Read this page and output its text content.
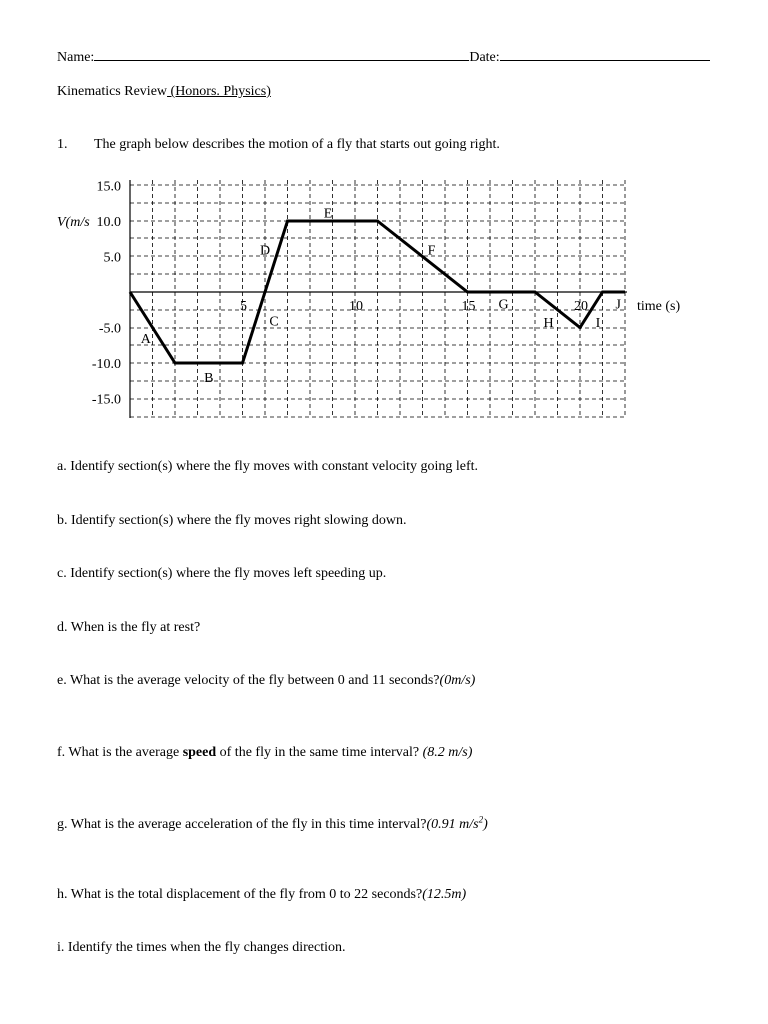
Name:	Date:
Kinematics Review (Honors. Physics)
1. The graph below describes the motion of a fly that starts out going right.
15.0
10.0
5.0
-5.0
-10.0
-15.0
5	10	15	20
A
B
C
D
E
F
G
H	I
J
V(m/s
time (s)
a. Identify section(s) where the fly moves with constant velocity going left.
b. Identify section(s) where the fly moves right slowing down.
c. Identify section(s) where the fly moves left speeding up.
d. When is the fly at rest?
e. What is the average velocity of the fly between 0 and 11 seconds?(0m/s)
f. What is the average speed of the fly in the same time interval? (8.2 m/s)
g. What is the average acceleration of the fly in this time interval?(0.91 $m/s^2$)
h. What is the total displacement of the fly from 0 to 22 seconds?(12.5m)
i. Identify the times when the fly changes direction.
